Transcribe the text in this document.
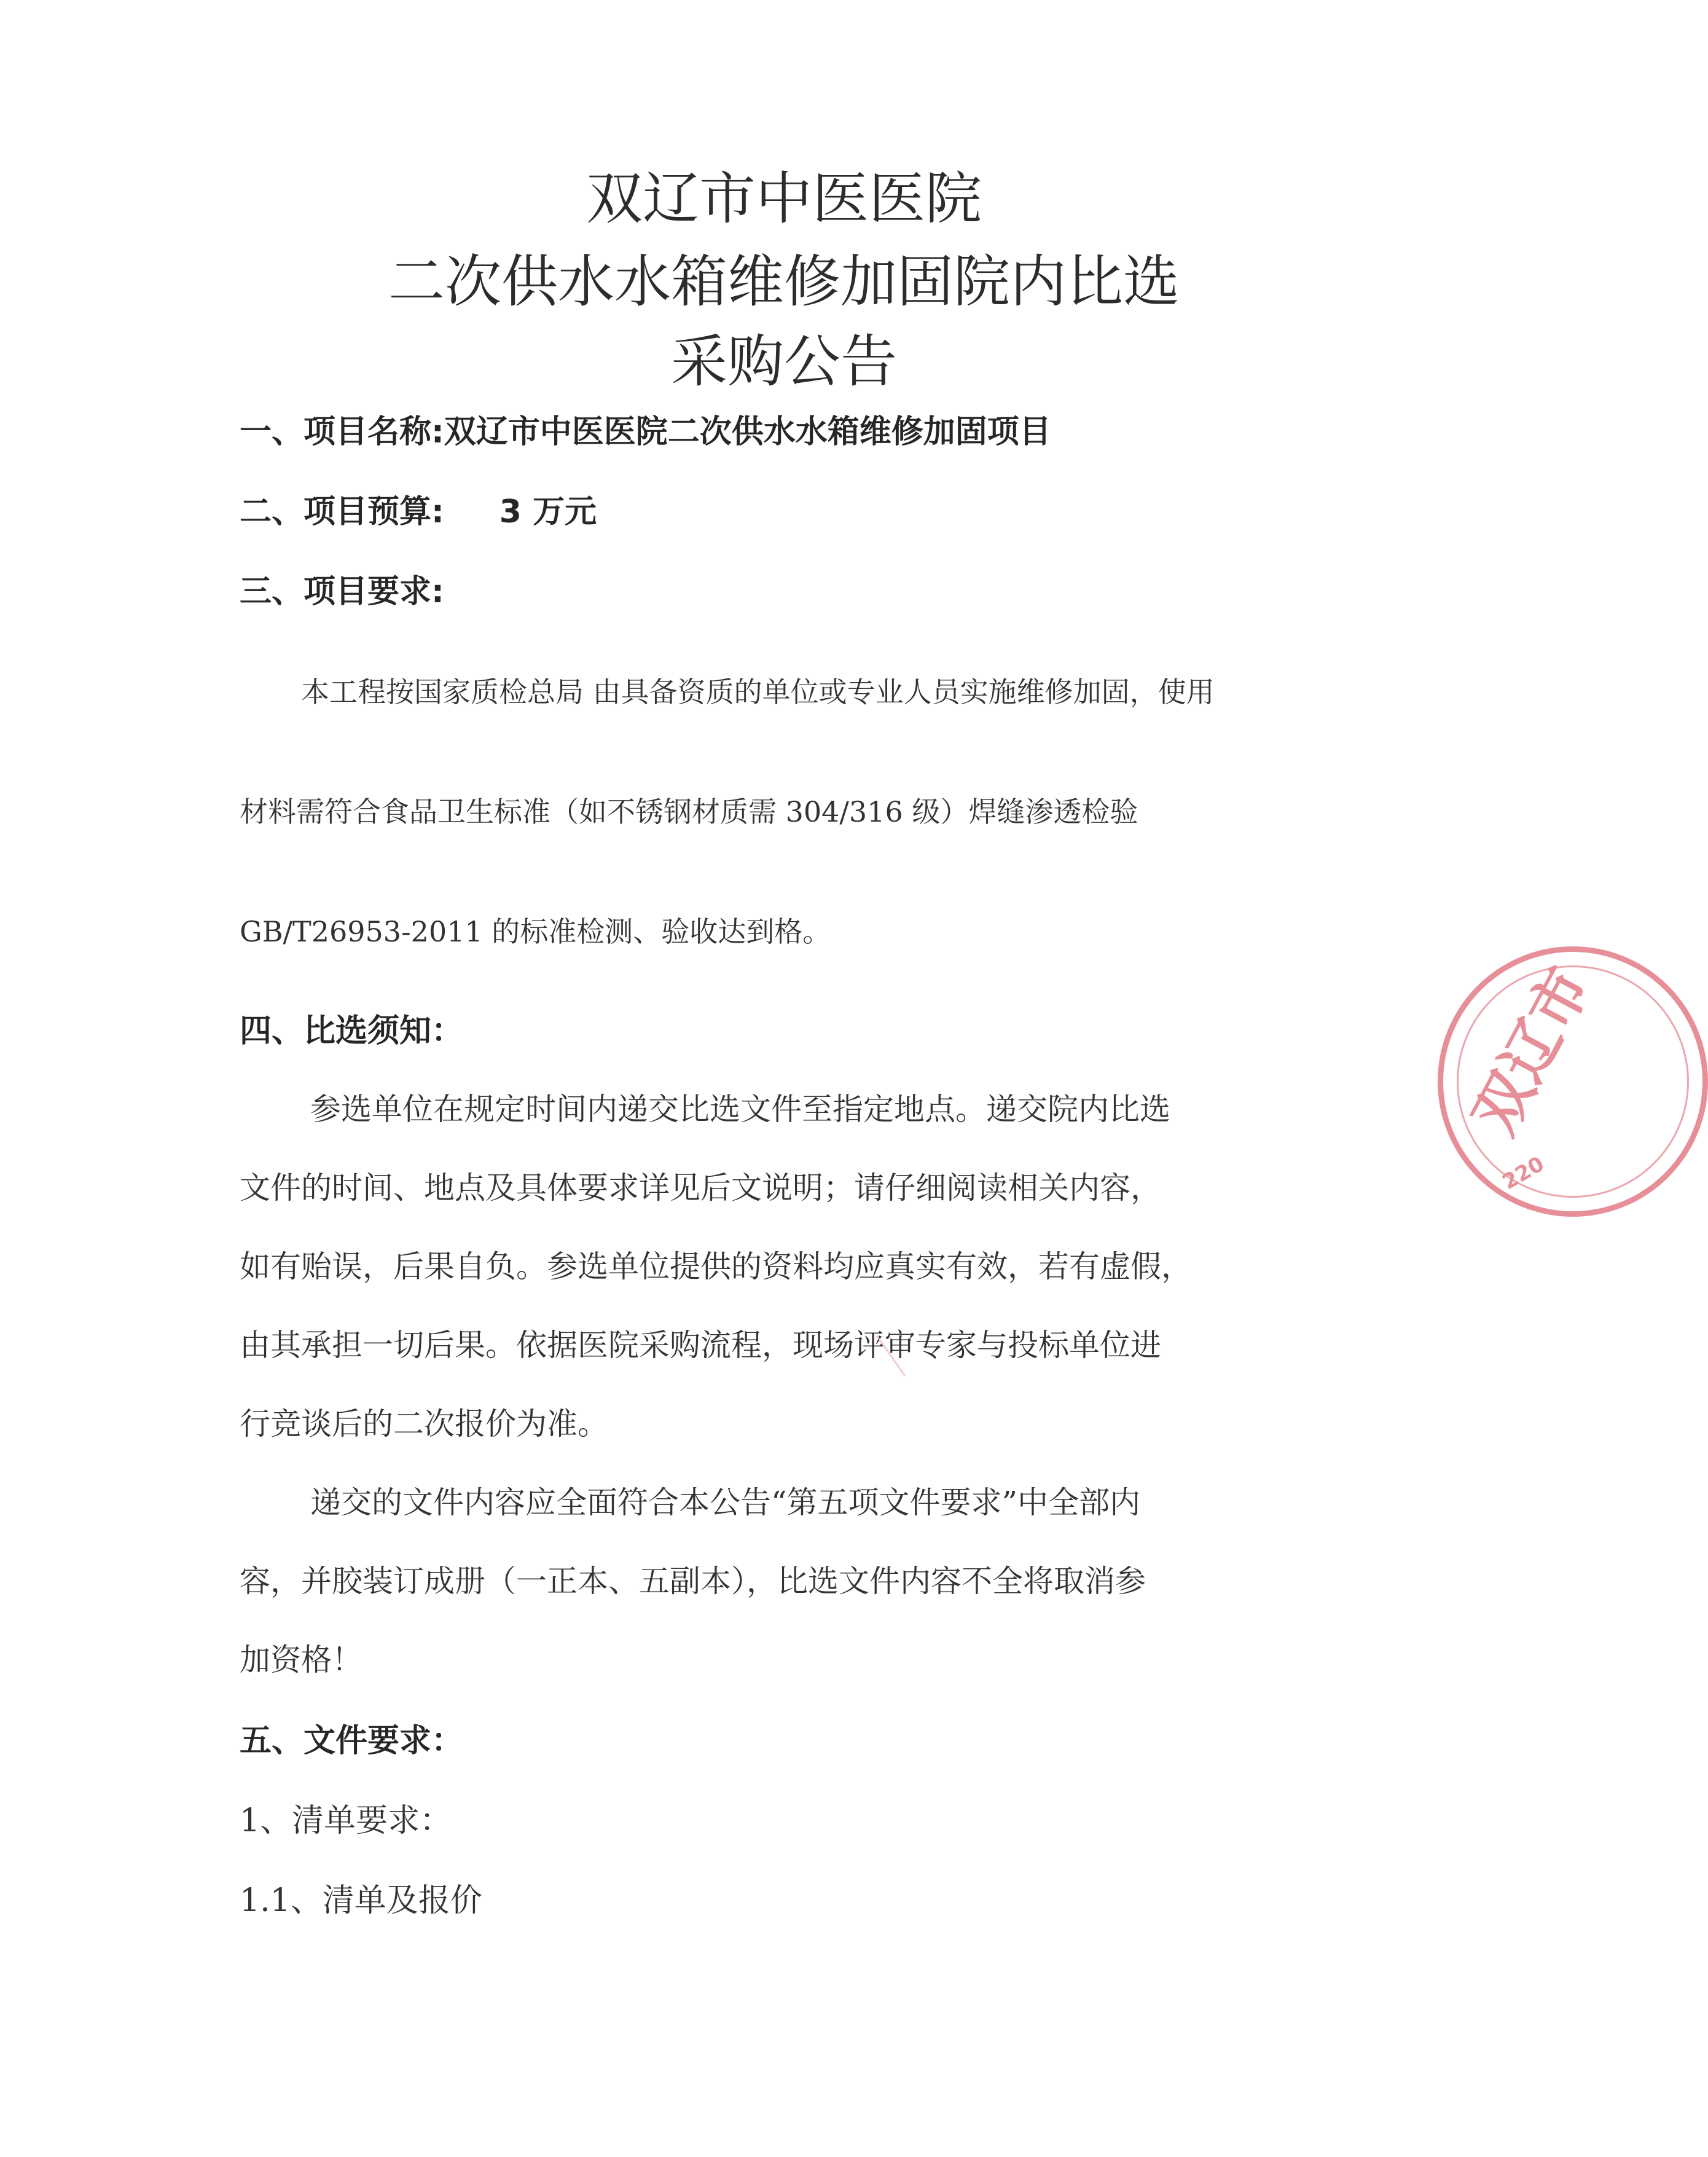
双辽市中医医院
二次供水水箱维修加固院内比选
采购公告
一、项目名称:双辽市中医医院二次供水水箱维修加固项目
二、项目预算: 3 万元
三、项目要求:
本工程按国家质检总局 由具备资质的单位或专业人员实施维修加固，使用
材料需符合食品卫生标准（如不锈钢材质需 304/316 级）焊缝渗透检验
GB/T26953-2011 的标准检测、验收达到格。
四、比选须知：
参选单位在规定时间内递交比选文件至指定地点。递交院内比选
文件的时间、地点及具体要求详见后文说明；请仔细阅读相关内容，
如有贻误，后果自负。参选单位提供的资料均应真实有效，若有虚假，
由其承担一切后果。依据医院采购流程，现场评审专家与投标单位进
行竞谈后的二次报价为准。
递交的文件内容应全面符合本公告“第五项文件要求”中全部内
容，并胶装订成册（一正本、五副本），比选文件内容不全将取消参
加资格！
五、文件要求：
1、清单要求：
1.1、清单及报价
双辽市
220
